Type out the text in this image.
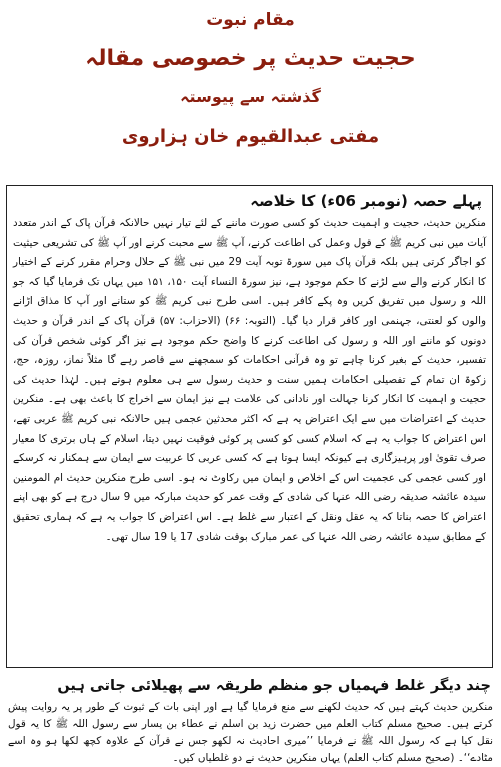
مقام نبوت
حجیت حدیث پر خصوصی مقالہ
گذشتہ سے پیوستہ
مفتی عبدالقیوم خان ہزاروی
پہلے حصہ (نومبر 06ء) کا خلاصہ
منکرین حدیث، حجیت و اہمیت حدیث کو کسی صورت ماننے کے لئے تیار نہیں حالانکہ قرآن پاک کے اندر متعدد آیات میں نبی کریم ﷺ کے قول وعمل کی اطاعت کرنے، آپ ﷺ سے محبت کرنے اور آپ ﷺ کی تشریعی حیثیت کو اجاگر کرتی ہیں بلکہ قرآن پاک میں سورۃ توبہ آیت 29 میں نبی ﷺ کے حلال وحرام مقرر کرنے کے اختیار کا انکار کرنے والے سے لڑنے کا حکم موجود ہے، نیز سورۃ النساء آیت ۱۵۰، ۱۵۱ میں یہاں تک فرمایا گیا کہ جو اللہ و رسول میں تفریق کریں وہ پکے کافر ہیں۔ اسی طرح نبی کریم ﷺ کو ستانے اور آپ کا مذاق اڑانے والوں کو لعنتی، جہنمی اور کافر قرار دیا گیا۔ (التوبہ: ۶۶) (الاحزاب: ۵۷) قرآن پاک کے اندر قرآن و حدیث دونوں کو ماننے اور اللہ و رسول کی اطاعت کرنے کا واضح حکم موجود ہے نیز اگر کوئی شخص قرآن کی تفسیر، حدیث کے بغیر کرنا چاہے تو وہ قرآنی احکامات کو سمجھنے سے قاصر رہے گا مثلاً نماز، روزہ، حج، زکوۃ ان تمام کے تفصیلی احکامات ہمیں سنت و حدیث رسول سے ہی معلوم ہوتے ہیں۔ لہٰذا حدیث کی حجیت و اہمیت کا انکار کرنا جہالت اور نادانی کی علامت ہے نیز ایمان سے اخراج کا باعث بھی ہے۔ منکرین حدیث کے اعتراضات میں سے ایک اعتراض یہ ہے کہ اکثر محدثین عجمی ہیں حالانکہ نبی کریم ﷺ عربی تھے، اس اعتراض کا جواب یہ ہے کہ اسلام کسی کو کسی پر کوئی فوقیت نہیں دیتا، اسلام کے ہاں برتری کا معیار صرف تقویٰ اور پرہیزگاری ہے کیونکہ ایسا ہوتا ہے کہ کسی عربی کا عربیت سے ایمان سے ہمکنار نہ کرسکے اور کسی عجمی کی عجمیت اس کے اخلاص و ایمان میں رکاوٹ نہ ہو۔ اسی طرح منکرین حدیث ام المومنین سیدہ عائشہ صدیقہ رضی اللہ عنہا کی شادی کے وقت عمر کو حدیث مبارکہ میں 9 سال درج ہے کو بھی اپنے اعتراض کا حصہ بناتا کہ یہ عقل ونقل کے اعتبار سے غلط ہے۔ اس اعتراض کا جواب یہ ہے کہ ہماری تحقیق کے مطابق سیدہ عائشہ رضی اللہ عنہا کی عمر مبارک بوقت شادی 17 یا 19 سال تھی۔
چند دیگر غلط فہمیاں جو منظم طریقہ سے پھیلائی جاتی ہیں
منکرین حدیث کہتے ہیں کہ حدیث لکھنے سے منع فرمایا گیا ہے اور اپنی بات کے ثبوت کے طور پر یہ روایت پیش کرتے ہیں۔ صحیح مسلم کتاب العلم میں حضرت زید بن اسلم نے عطاء بن یسار سے رسول اللہ ﷺ کا یہ قول نقل کیا ہے کہ رسول اللہ ﷺ نے فرمایا ’’میری احادیث نہ لکھو جس نے قرآن کے علاوہ کچھ لکھا ہو وہ اسے مٹادے‘‘۔ (صحیح مسلم کتاب العلم) یہاں منکرین حدیث نے دو غلطیاں کیں۔
